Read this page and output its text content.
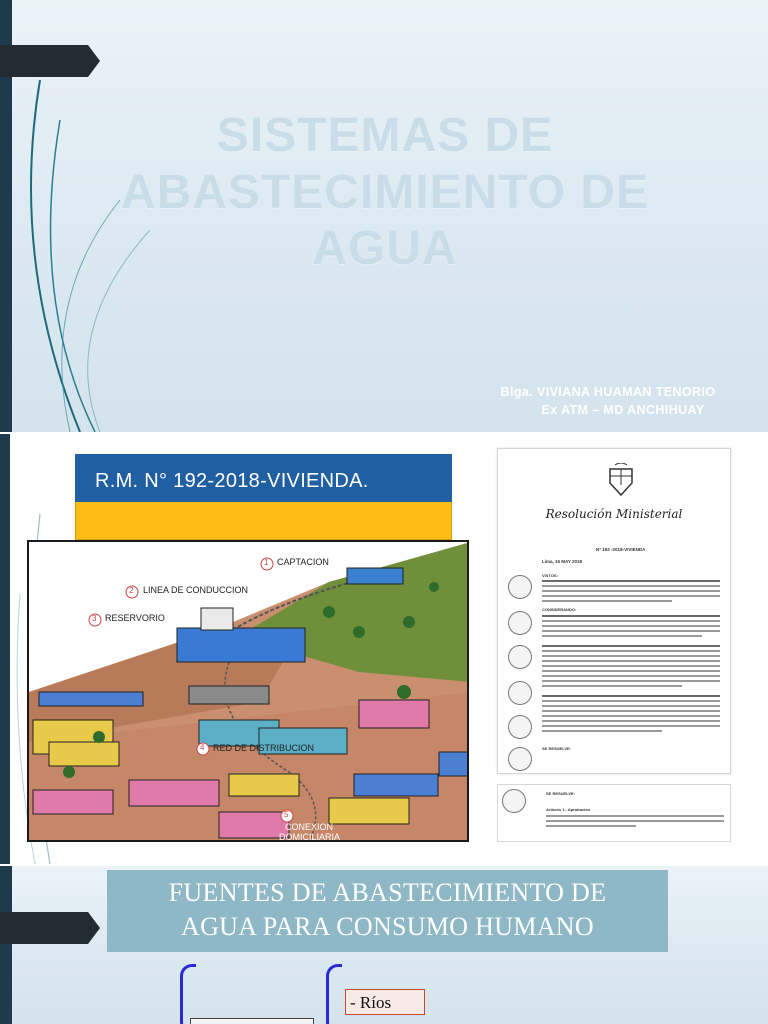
SISTEMAS DE
ABASTECIMIENTO DE
AGUA
Blga. VIVIANA HUAMAN TENORIO
Ex ATM – MD ANCHIHUAY
R.M. N° 192-2018-VIVIENDA.
1 CAPTACION
2 LINEA DE CONDUCCION
3 RESERVORIO
4 RED DE DISTRIBUCION
5
CONEXION
DOMICILIARIA
Resolución Ministerial
N° 192 -2018-VIVIENDA
Lima, 15 MAY 2018
VISTOS:
CONSIDERANDO:
SE RESUELVE:
SE RESUELVE:
Artículo 1.- Aprobación
FUENTES DE ABASTECIMIENTO DE
AGUA PARA CONSUMO HUMANO
- Ríos
